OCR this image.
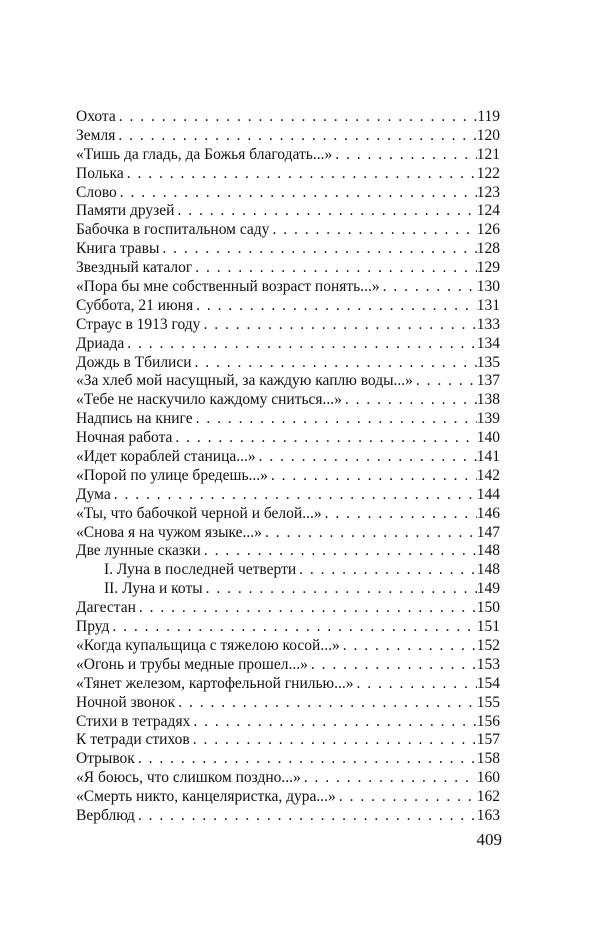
Охота . . .	119
Земля . . .	120
«Тишь да гладь, да Божья благодать...» . . .	121
Полька . . .	122
Слово . . .	123
Памяти друзей . . .	124
Бабочка в госпитальном саду . . .	126
Книга травы . . .	128
Звездный каталог . . .	129
«Пора бы мне собственный возраст понять...» . . .	130
Суббота, 21 июня . . .	131
Страус в 1913 году . . .	133
Дриада . . .	134
Дождь в Тбилиси . . .	135
«За хлеб мой насущный, за каждую каплю воды...» . . .	137
«Тебе не наскучило каждому сниться...» . . .	138
Надпись на книге . . .	139
Ночная работа . . .	140
«Идет кораблей станица...» . . .	141
«Порой по улице бредешь...» . . .	142
Дума . . .	144
«Ты, что бабочкой черной и белой...» . . .	146
«Снова я на чужом языке...» . . .	147
Две лунные сказки . . .	148
I. Луна в последней четверти . . .	148
II. Луна и коты . . .	149
Дагестан . . .	150
Пруд . . .	151
«Когда купальщица с тяжелою косой...» . . .	152
«Огонь и трубы медные прошел...» . . .	153
«Тянет железом, картофельной гнилью...» . . .	154
Ночной звонок . . .	155
Стихи в тетрадях . . .	156
К тетради стихов . . .	157
Отрывок . . .	158
«Я боюсь, что слишком поздно...» . . .	160
«Смерть никто, канцеляристка, дура...» . . .	162
Верблюд . . .	163
409
